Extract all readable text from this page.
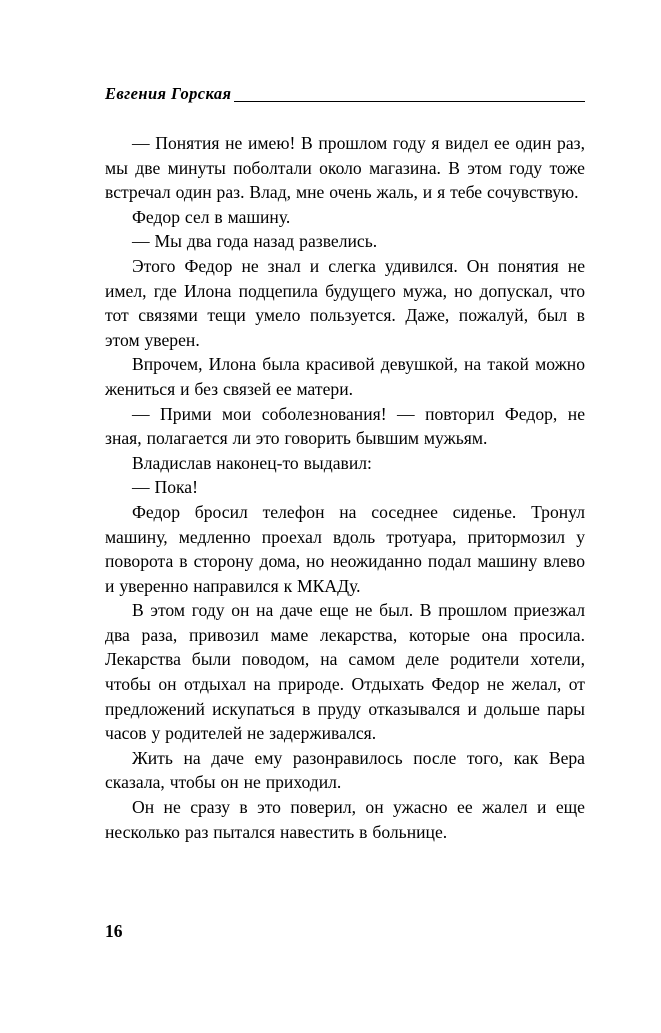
Евгения Горская

— Понятия не имею! В прошлом году я видел ее один раз, мы две минуты поболтали около магазина. В этом году тоже встречал один раз. Влад, мне очень жаль, и я тебе сочувствую.

Федор сел в машину.

— Мы два года назад развелись.

Этого Федор не знал и слегка удивился. Он понятия не имел, где Илона подцепила будущего мужа, но допускал, что тот связями тещи умело пользуется. Даже, пожалуй, был в этом уверен.

Впрочем, Илона была красивой девушкой, на такой можно жениться и без связей ее матери.

— Прими мои соболезнования! — повторил Федор, не зная, полагается ли это говорить бывшим мужьям.

Владислав наконец-то выдавил:

— Пока!

Федор бросил телефон на соседнее сиденье. Тронул машину, медленно проехал вдоль тротуара, притормозил у поворота в сторону дома, но неожиданно подал машину влево и уверенно направился к МКАДу.

В этом году он на даче еще не был. В прошлом приезжал два раза, привозил маме лекарства, которые она просила. Лекарства были поводом, на самом деле родители хотели, чтобы он отдыхал на природе. Отдыхать Федор не желал, от предложений искупаться в пруду отказывался и дольше пары часов у родителей не задерживался.

Жить на даче ему разонравилось после того, как Вера сказала, чтобы он не приходил.

Он не сразу в это поверил, он ужасно ее жалел и еще несколько раз пытался навестить в больнице.

16
